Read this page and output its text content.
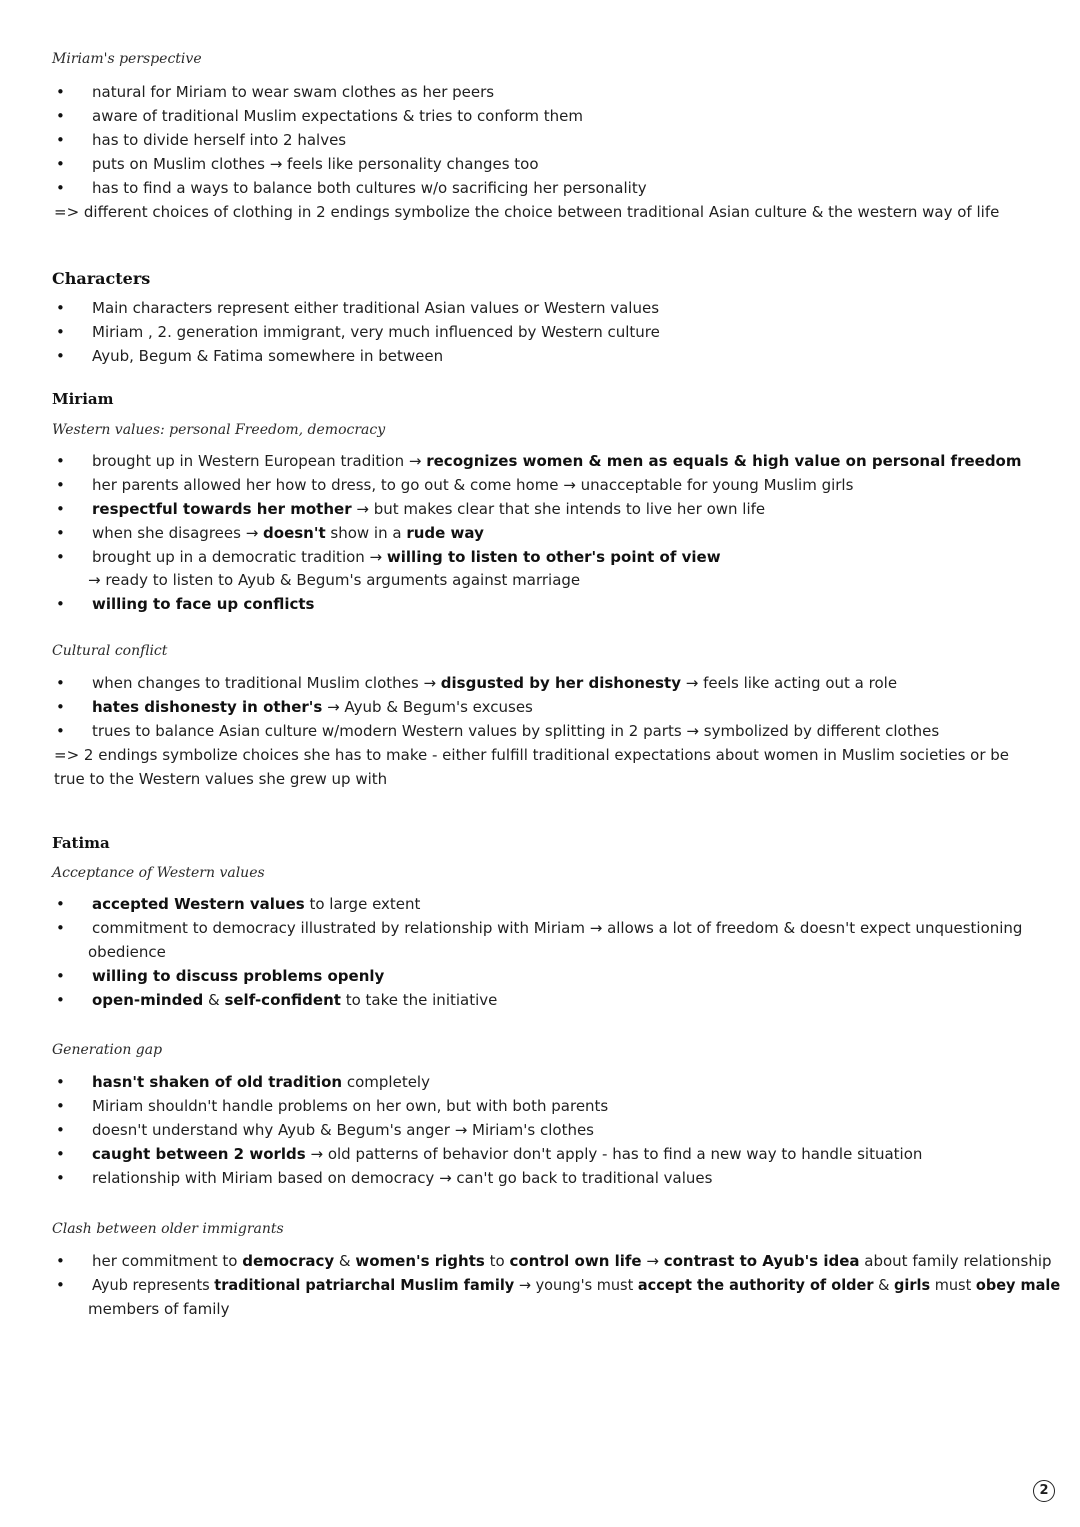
Miriam's perspective
•	natural for Miriam to wear swam clothes as her peers
•	aware of traditional Muslim expectations & tries to conform them
•	has to divide herself into 2 halves
•	puts on Muslim clothes → feels like personality changes too
•	has to find a ways to balance both cultures w/o sacrificing her personality
=> different choices of clothing in 2 endings symbolize the choice between traditional Asian culture & the western way of life
Characters
•	Main characters represent either traditional Asian values or Western values
•	Miriam , 2. generation immigrant, very much influenced by Western culture
•	Ayub, Begum & Fatima somewhere in between
Miriam
Western values: personal Freedom, democracy
•	brought up in Western European tradition → recognizes women & men as equals & high value on personal freedom
•	her parents allowed her how to dress, to go out & come home → unacceptable for young Muslim girls
•	respectful towards her mother → but makes clear that she intends to live her own life
•	when she disagrees → doesn't show in a rude way
•	brought up in a democratic tradition → willing to listen to other's point of view
→ ready to listen to Ayub & Begum's arguments against marriage
•	willing to face up conflicts
Cultural conflict
•	when changes to traditional Muslim clothes → disgusted by her dishonesty → feels like acting out a role
•	hates dishonesty in other's → Ayub & Begum's excuses
•	trues to balance Asian culture w/modern Western values by splitting in 2 parts → symbolized by different clothes
=> 2 endings symbolize choices she has to make - either fulfill traditional expectations about women in Muslim societies or be
true to the Western values she grew up with
Fatima
Acceptance of Western values
•	accepted Western values to large extent
•	commitment to democracy illustrated by relationship with Miriam → allows a lot of freedom & doesn't expect unquestioning
obedience
•	willing to discuss problems openly
•	open-minded & self-confident to take the initiative
Generation gap
•	hasn't shaken of old tradition completely
•	Miriam shouldn't handle problems on her own, but with both parents
•	doesn't understand why Ayub & Begum's anger → Miriam's clothes
•	caught between 2 worlds → old patterns of behavior don't apply - has to find a new way to handle situation
•	relationship with Miriam based on democracy → can't go back to traditional values
Clash between older immigrants
•	her commitment to democracy & women's rights to control own life → contrast to Ayub's idea about family relationship
•	Ayub represents traditional patriarchal Muslim family → young's must accept the authority of older & girls must obey male
members of family
2
